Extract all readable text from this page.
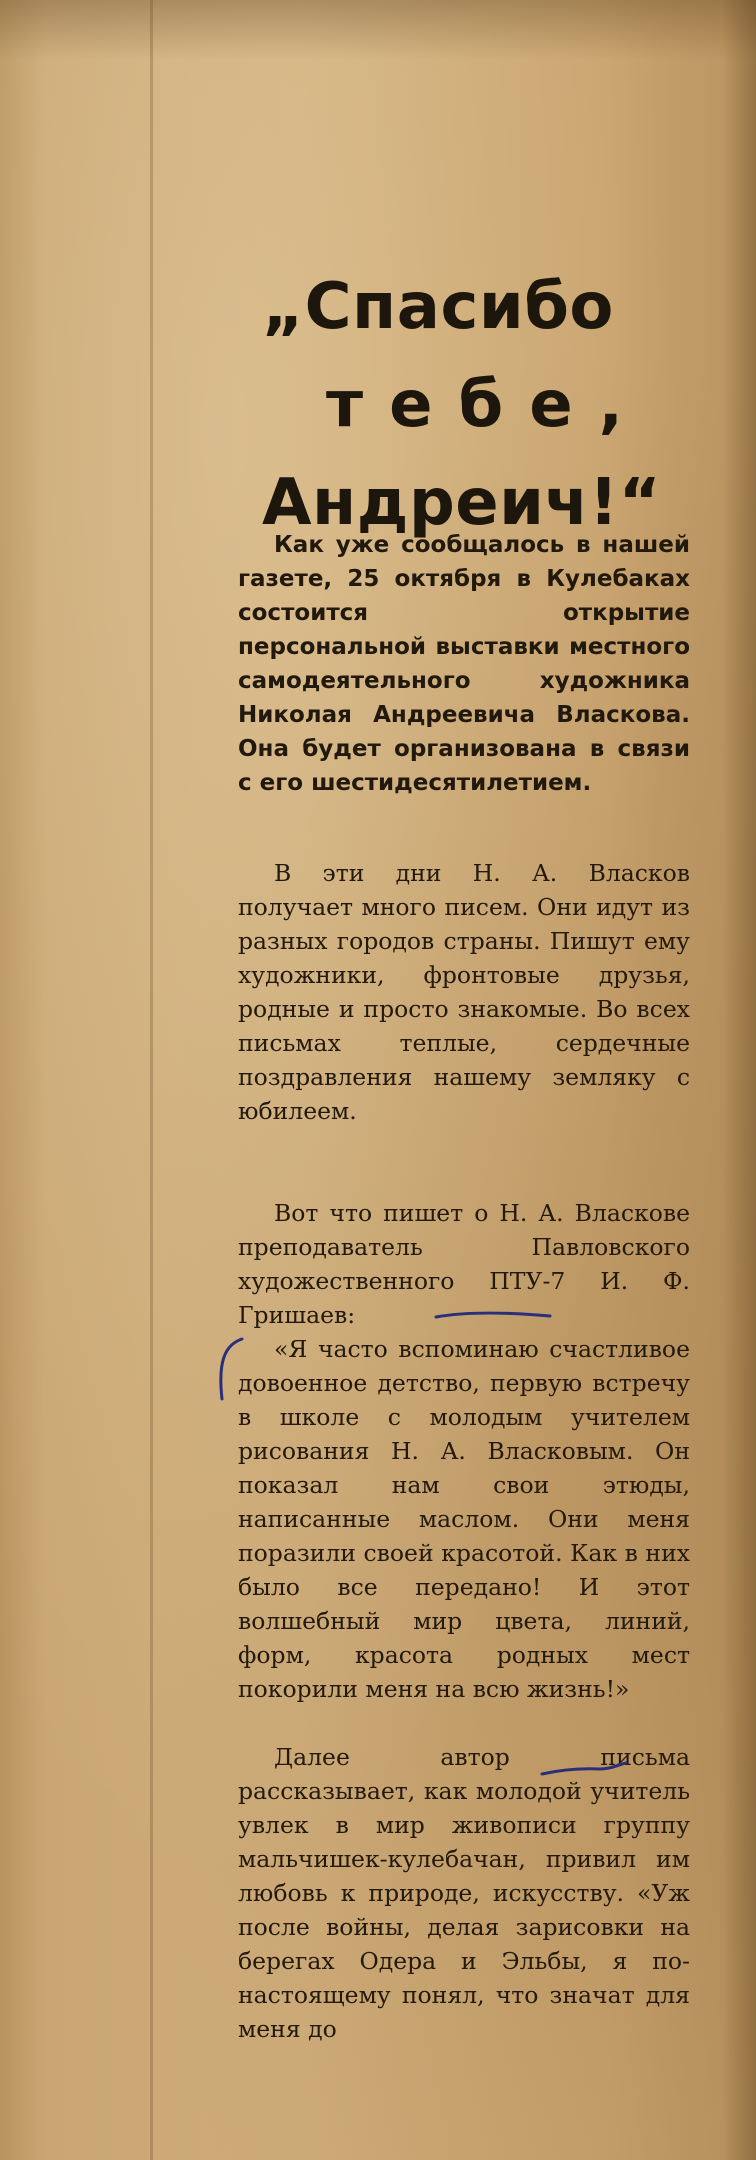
„Спасибо
тебе,
Андреич!“

Как уже сообщалось в нашей газете, 25 октября в Кулебаках состоится открытие персональной выставки местного самодеятельного художника Николая Андреевича Власкова. Она будет организована в связи с его шестидесятилетием.

В эти дни Н. А. Власков получает много писем. Они идут из разных городов страны. Пишут ему художники, фронтовые друзья, родные и просто знакомые. Во всех письмах теплые, сердечные поздравления нашему земляку с юбилеем.

Вот что пишет о Н. А. Власкове преподаватель Павловского художественного ПТУ-7 И. Ф. Гришаев:

«Я часто вспоминаю счастливое довоенное детство, первую встречу в школе с молодым учителем рисования Н. А. Власковым. Он показал нам свои этюды, написанные маслом. Они меня поразили своей красотой. Как в них было все передано! И этот волшебный мир цвета, линий, форм, красота родных мест покорили меня на всю жизнь!»

Далее автор письма рассказывает, как молодой учитель увлек в мир живописи группу мальчишек-кулебачан, привил им любовь к природе, искусству. «Уж после войны, делая зарисовки на берегах Одера и Эльбы, я по-настоящему понял, что значат для меня до
